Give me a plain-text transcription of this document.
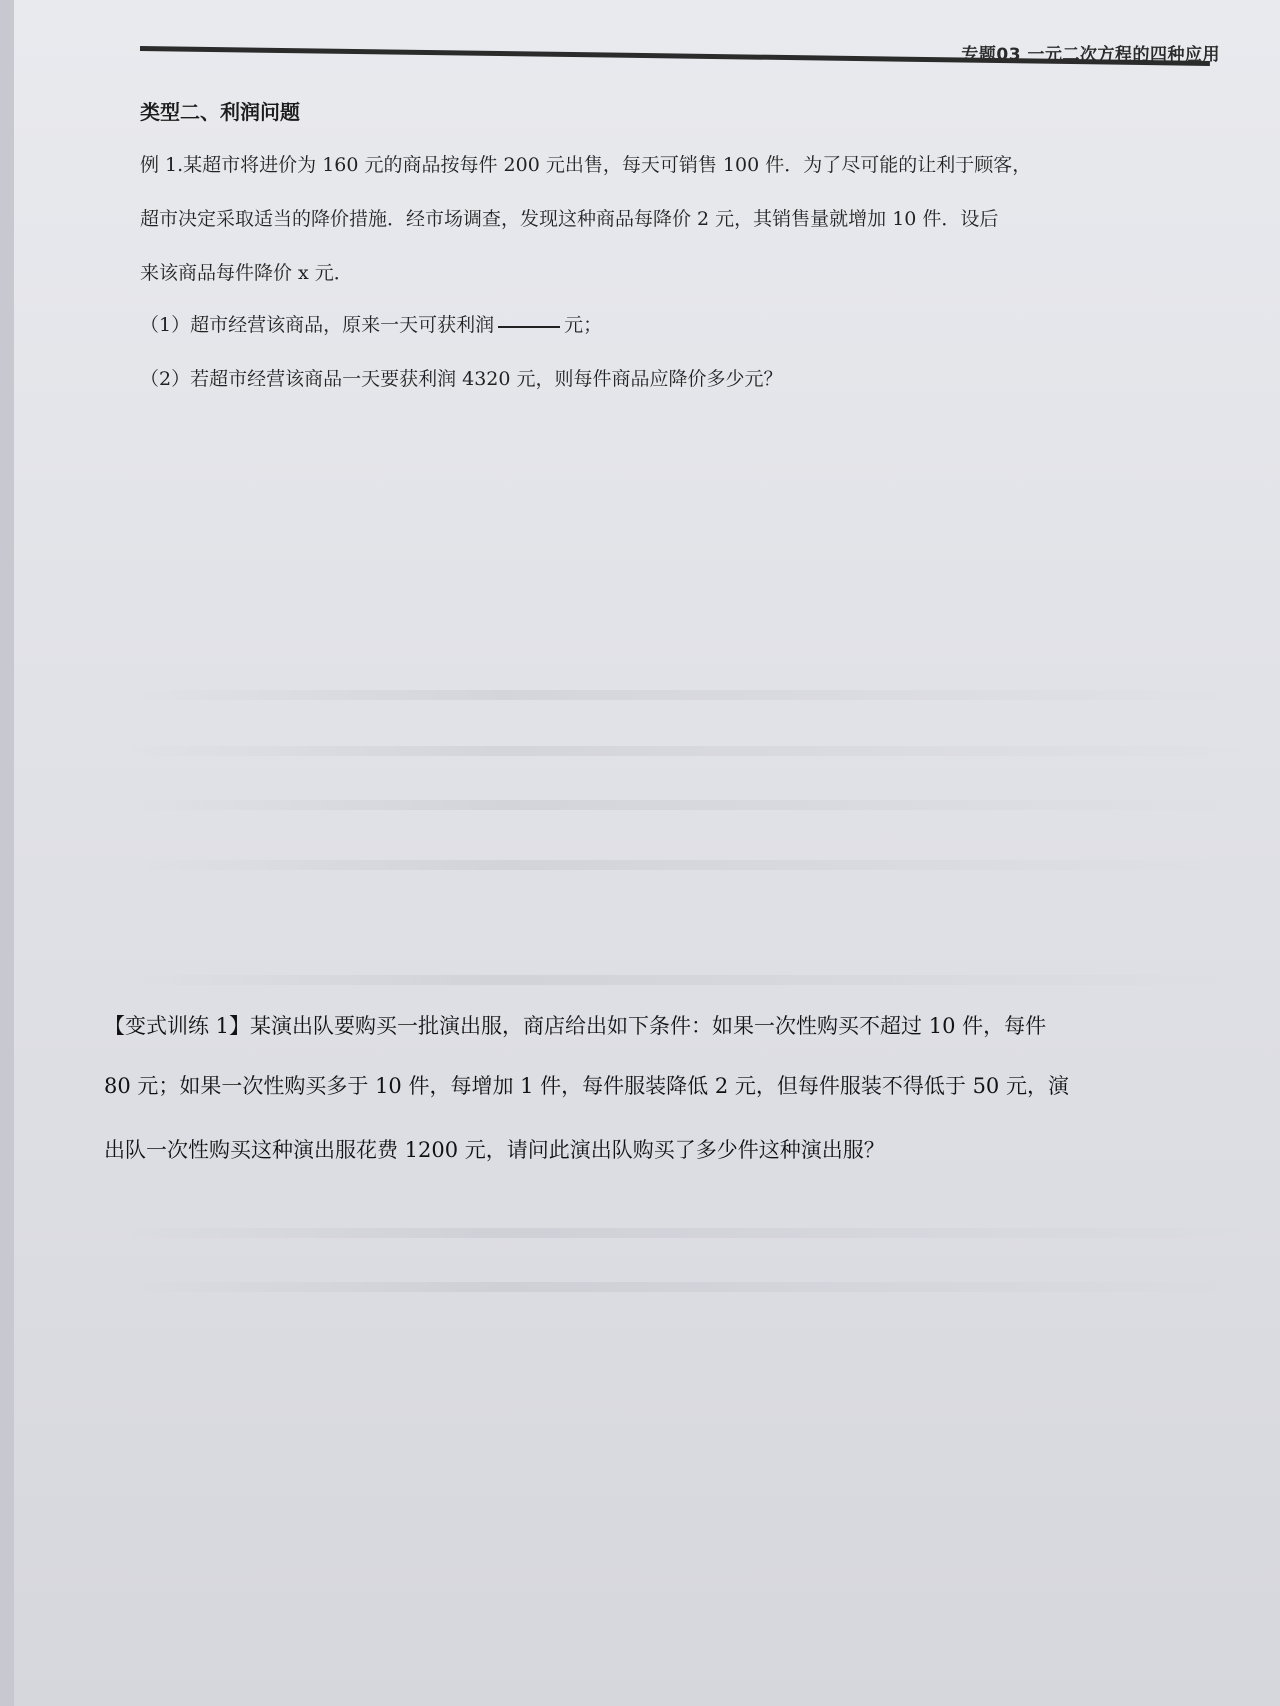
专题03 一元二次方程的四种应用
类型二、利润问题
例 1.某超市将进价为 160 元的商品按每件 200 元出售，每天可销售 100 件．为了尽可能的让利于顾客，
超市决定采取适当的降价措施．经市场调查，发现这种商品每降价 2 元，其销售量就增加 10 件．设后
来该商品每件降价 x 元．
（1）超市经营该商品，原来一天可获利润	元；
（2）若超市经营该商品一天要获利润 4320 元，则每件商品应降价多少元？
【变式训练 1】某演出队要购买一批演出服，商店给出如下条件：如果一次性购买不超过 10 件，每件
80 元；如果一次性购买多于 10 件，每增加 1 件，每件服装降低 2 元，但每件服装不得低于 50 元，演
出队一次性购买这种演出服花费 1200 元，请问此演出队购买了多少件这种演出服？
